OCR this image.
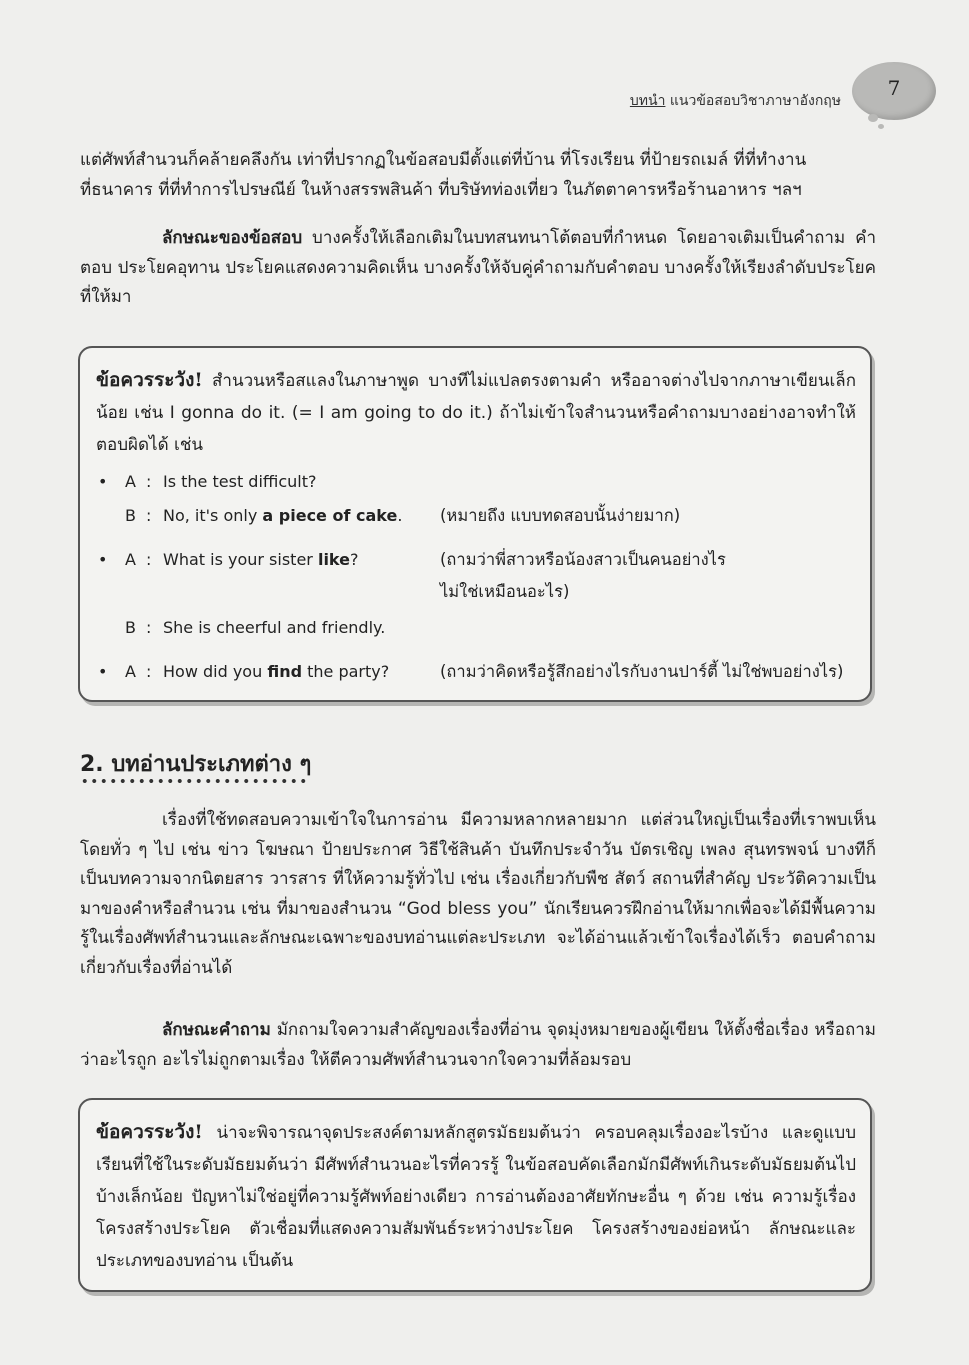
บทนำ แนวข้อสอบวิชาภาษาอังกฤษ
7
แต่ศัพท์สำนวนก็คล้ายคลึงกัน เท่าที่ปรากฏในข้อสอบมีตั้งแต่ที่บ้าน ที่โรงเรียน ที่ป้ายรถเมล์ ที่ที่ทำงาน
ที่ธนาคาร ที่ที่ทำการไปรษณีย์ ในห้างสรรพสินค้า ที่บริษัทท่องเที่ยว ในภัตตาคารหรือร้านอาหาร ฯลฯ
ลักษณะของข้อสอบ บางครั้งให้เลือกเติมในบทสนทนาโต้ตอบที่กำหนด โดยอาจเติมเป็นคำถาม คำตอบ ประโยคอุทาน ประโยคแสดงความคิดเห็น บางครั้งให้จับคู่คำถามกับคำตอบ บางครั้งให้เรียงลำดับประโยคที่ให้มา
ข้อควรระวัง! สำนวนหรือสแลงในภาษาพูด บางทีไม่แปลตรงตามคำ หรืออาจต่างไปจากภาษาเขียนเล็กน้อย เช่น I gonna do it. (= I am going to do it.) ถ้าไม่เข้าใจสำนวนหรือคำถามบางอย่างอาจทำให้ตอบผิดได้ เช่น
• A : Is the test difficult?
B : No, it's only a piece of cake. (หมายถึง แบบทดสอบนั้นง่ายมาก)
• A : What is your sister like?	(ถามว่าพี่สาวหรือน้องสาวเป็นคนอย่างไร
ไม่ใช่เหมือนอะไร)
B : She is cheerful and friendly.
• A : How did you find the party?	(ถามว่าคิดหรือรู้สึกอย่างไรกับงานปาร์ตี้ ไม่ใช่พบอย่างไร)
2. บทอ่านประเภทต่าง ๆ
เรื่องที่ใช้ทดสอบความเข้าใจในการอ่าน มีความหลากหลายมาก แต่ส่วนใหญ่เป็นเรื่องที่เราพบเห็นโดยทั่ว ๆ ไป เช่น ข่าว โฆษณา ป้ายประกาศ วิธีใช้สินค้า บันทึกประจำวัน บัตรเชิญ เพลง สุนทรพจน์ บางทีก็เป็นบทความจากนิตยสาร วารสาร ที่ให้ความรู้ทั่วไป เช่น เรื่องเกี่ยวกับพืช สัตว์ สถานที่สำคัญ ประวัติความเป็นมาของคำหรือสำนวน เช่น ที่มาของสำนวน “God bless you” นักเรียนควรฝึกอ่านให้มากเพื่อจะได้มีพื้นความรู้ในเรื่องศัพท์สำนวนและลักษณะเฉพาะของบทอ่านแต่ละประเภท จะได้อ่านแล้วเข้าใจเรื่องได้เร็ว ตอบคำถามเกี่ยวกับเรื่องที่อ่านได้
ลักษณะคำถาม มักถามใจความสำคัญของเรื่องที่อ่าน จุดมุ่งหมายของผู้เขียน ให้ตั้งชื่อเรื่อง หรือถามว่าอะไรถูก อะไรไม่ถูกตามเรื่อง ให้ตีความศัพท์สำนวนจากใจความที่ล้อมรอบ
ข้อควรระวัง! น่าจะพิจารณาจุดประสงค์ตามหลักสูตรมัธยมต้นว่า ครอบคลุมเรื่องอะไรบ้าง และดูแบบเรียนที่ใช้ในระดับมัธยมต้นว่า มีศัพท์สำนวนอะไรที่ควรรู้ ในข้อสอบคัดเลือกมักมีศัพท์เกินระดับมัธยมต้นไปบ้างเล็กน้อย ปัญหาไม่ใช่อยู่ที่ความรู้ศัพท์อย่างเดียว การอ่านต้องอาศัยทักษะอื่น ๆ ด้วย เช่น ความรู้เรื่องโครงสร้างประโยค ตัวเชื่อมที่แสดงความสัมพันธ์ระหว่างประโยค โครงสร้างของย่อหน้า ลักษณะและประเภทของบทอ่าน เป็นต้น
